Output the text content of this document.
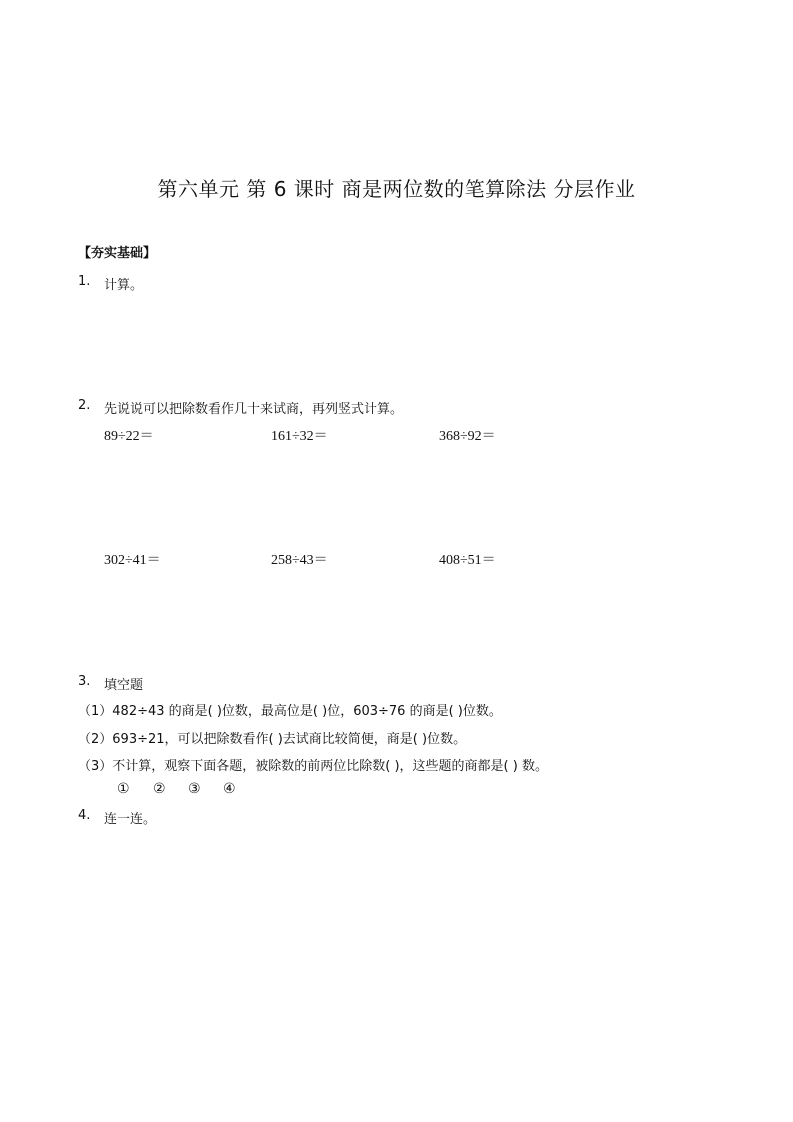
第六单元 第 6 课时 商是两位数的笔算除法 分层作业
【夯实基础】
1. 计算。
2. 先说说可以把除数看作几十来试商，再列竖式计算。
89÷22＝	161÷32＝	368÷92＝
302÷41＝	258÷43＝	408÷51＝
3. 填空题
（1）482÷43 的商是( )位数，最高位是( )位，603÷76 的商是( )位数。
（2）693÷21，可以把除数看作( )去试商比较简便，商是( )位数。
（3）不计算，观察下面各题，被除数的前两位比除数( )，这些题的商都是( ) 数。
① ② ③ ④
4. 连一连。
